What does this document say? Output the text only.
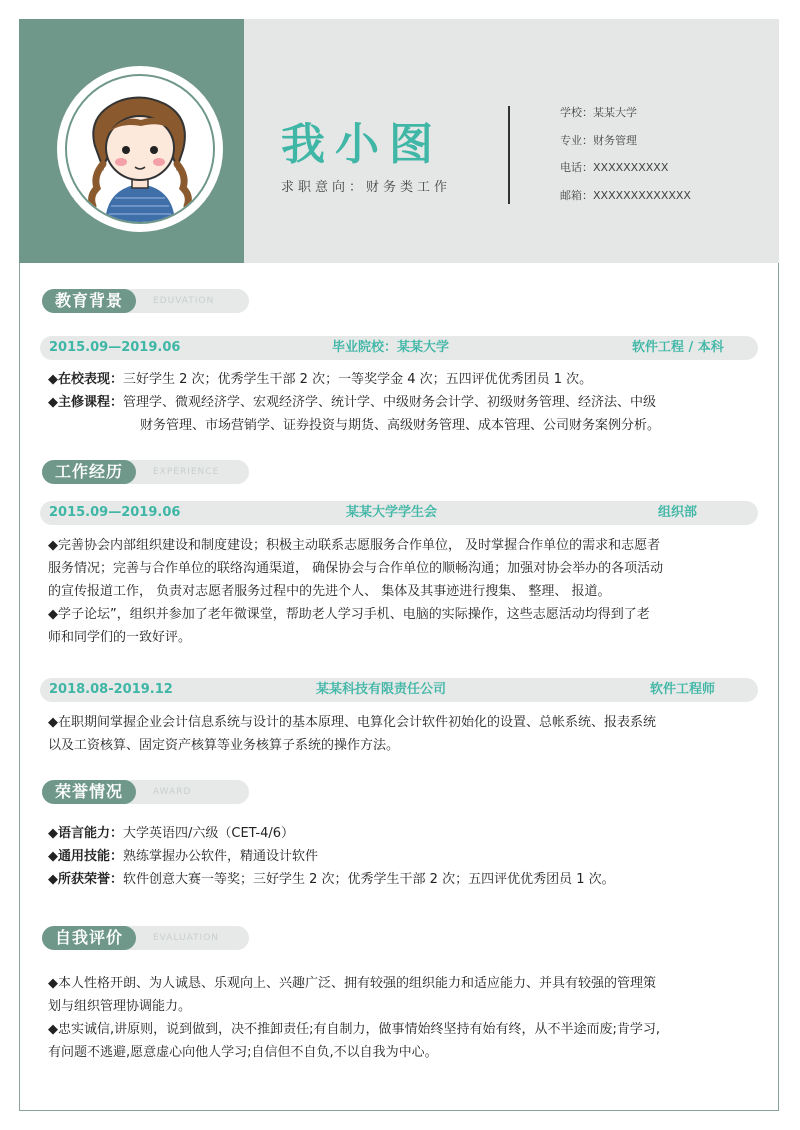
我小图
求职意向：财务类工作
学校：某某大学
专业：财务管理
电话：XXXXXXXXXX
邮箱：XXXXXXXXXXXXX
教育背景	EDUVATION
2015.09—2019.06	毕业院校：某某大学	软件工程 / 本科
◆在校表现：三好学生 2 次；优秀学生干部 2 次；一等奖学金 4 次；五四评优优秀团员 1 次。
◆主修课程：管理学、微观经济学、宏观经济学、统计学、中级财务会计学、初级财务管理、经济法、中级
财务管理、市场营销学、证券投资与期货、高级财务管理、成本管理、公司财务案例分析。
工作经历	EXPERIENCE
2015.09—2019.06	某某大学学生会	组织部
◆完善协会内部组织建设和制度建设；积极主动联系志愿服务合作单位， 及时掌握合作单位的需求和志愿者
服务情况；完善与合作单位的联络沟通渠道， 确保协会与合作单位的顺畅沟通；加强对协会举办的各项活动
的宣传报道工作， 负责对志愿者服务过程中的先进个人、 集体及其事迹进行搜集、 整理、 报道。
◆学子论坛”，组织并参加了老年微课堂，帮助老人学习手机、电脑的实际操作，这些志愿活动均得到了老
师和同学们的一致好评。
2018.08-2019.12	某某科技有限责任公司	软件工程师
◆在职期间掌握企业会计信息系统与设计的基本原理、电算化会计软件初始化的设置、总帐系统、报表系统
以及工资核算、固定资产核算等业务核算子系统的操作方法。
荣誉情况	AWARD
◆语言能力：大学英语四/六级（CET-4/6）
◆通用技能：熟练掌握办公软件，精通设计软件
◆所获荣誉：软件创意大赛一等奖；三好学生 2 次；优秀学生干部 2 次；五四评优优秀团员 1 次。
自我评价	EVALUATION
◆本人性格开朗、为人诚恳、乐观向上、兴趣广泛、拥有较强的组织能力和适应能力、并具有较强的管理策
划与组织管理协调能力。
◆忠实诚信,讲原则，说到做到，决不推卸责任;有自制力，做事情始终坚持有始有终，从不半途而废;肯学习,
有问题不逃避,愿意虚心向他人学习;自信但不自负,不以自我为中心。
